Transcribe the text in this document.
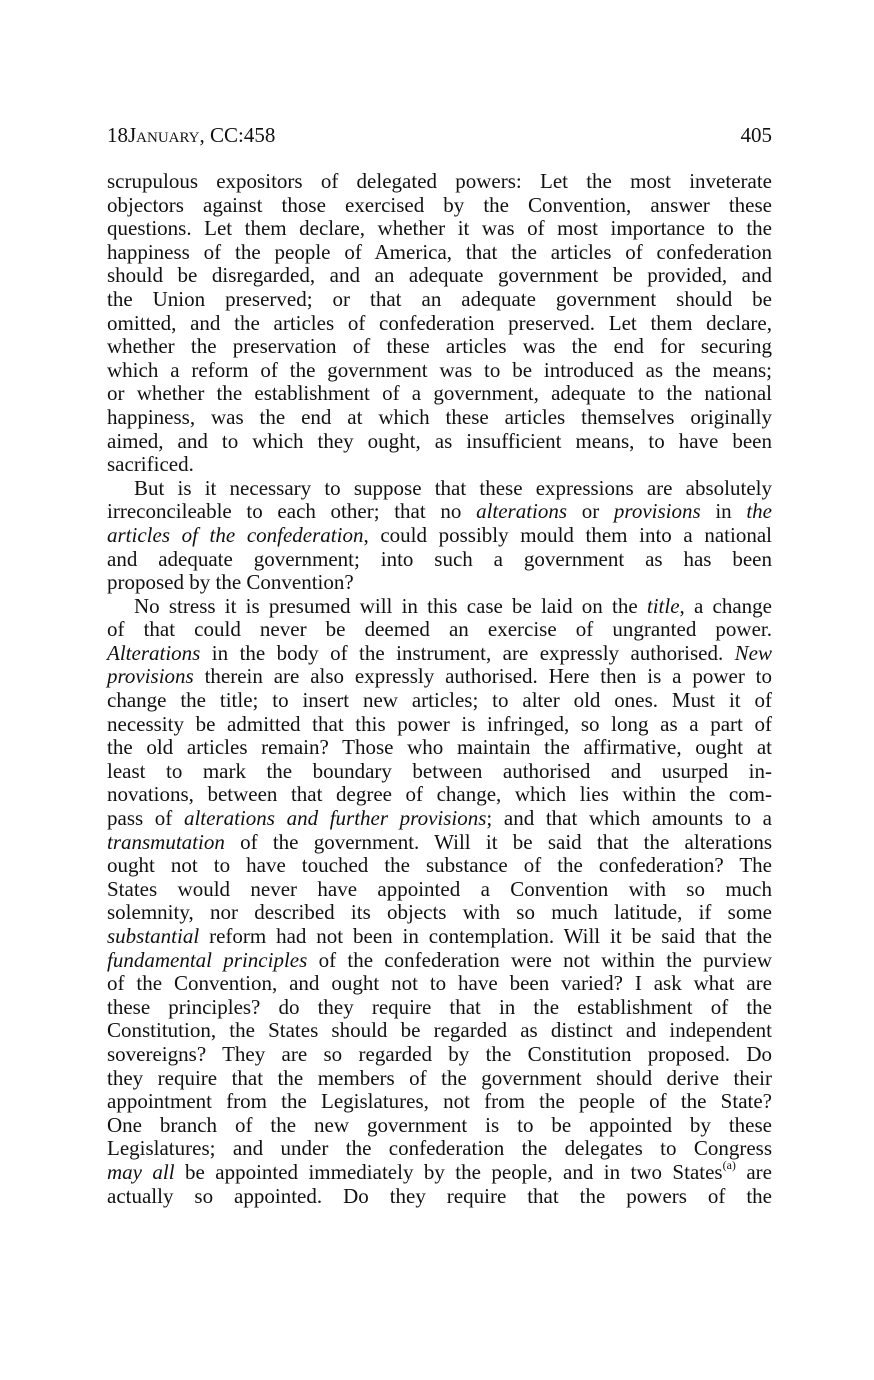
18January, CC:458	405
scrupulous expositors of delegated powers: Let the most inveterate
objectors against those exercised by the Convention, answer these
questions. Let them declare, whether it was of most importance to the
happiness of the people of America, that the articles of confederation
should be disregarded, and an adequate government be provided, and
the Union preserved; or that an adequate government should be
omitted, and the articles of confederation preserved. Let them declare,
whether the preservation of these articles was the end for securing
which a reform of the government was to be introduced as the means;
or whether the establishment of a government, adequate to the national
happiness, was the end at which these articles themselves originally
aimed, and to which they ought, as insufficient means, to have been
sacrificed.
But is it necessary to suppose that these expressions are absolutely
irreconcileable to each other; that no alterations or provisions in the
articles of the confederation, could possibly mould them into a national
and adequate government; into such a government as has been
proposed by the Convention?
No stress it is presumed will in this case be laid on the title, a change
of that could never be deemed an exercise of ungranted power.
Alterations in the body of the instrument, are expressly authorised. New
provisions therein are also expressly authorised. Here then is a power to
change the title; to insert new articles; to alter old ones. Must it of
necessity be admitted that this power is infringed, so long as a part of
the old articles remain? Those who maintain the affirmative, ought at
least to mark the boundary between authorised and usurped in-
novations, between that degree of change, which lies within the com-
pass of alterations and further provisions; and that which amounts to a
transmutation of the government. Will it be said that the alterations
ought not to have touched the substance of the confederation? The
States would never have appointed a Convention with so much
solemnity, nor described its objects with so much latitude, if some
substantial reform had not been in contemplation. Will it be said that the
fundamental principles of the confederation were not within the purview
of the Convention, and ought not to have been varied? I ask what are
these principles? do they require that in the establishment of the
Constitution, the States should be regarded as distinct and independent
sovereigns? They are so regarded by the Constitution proposed. Do
they require that the members of the government should derive their
appointment from the Legislatures, not from the people of the State?
One branch of the new government is to be appointed by these
Legislatures; and under the confederation the delegates to Congress
may all be appointed immediately by the people, and in two States$^{(a)}$ are
actually so appointed. Do they require that the powers of the
